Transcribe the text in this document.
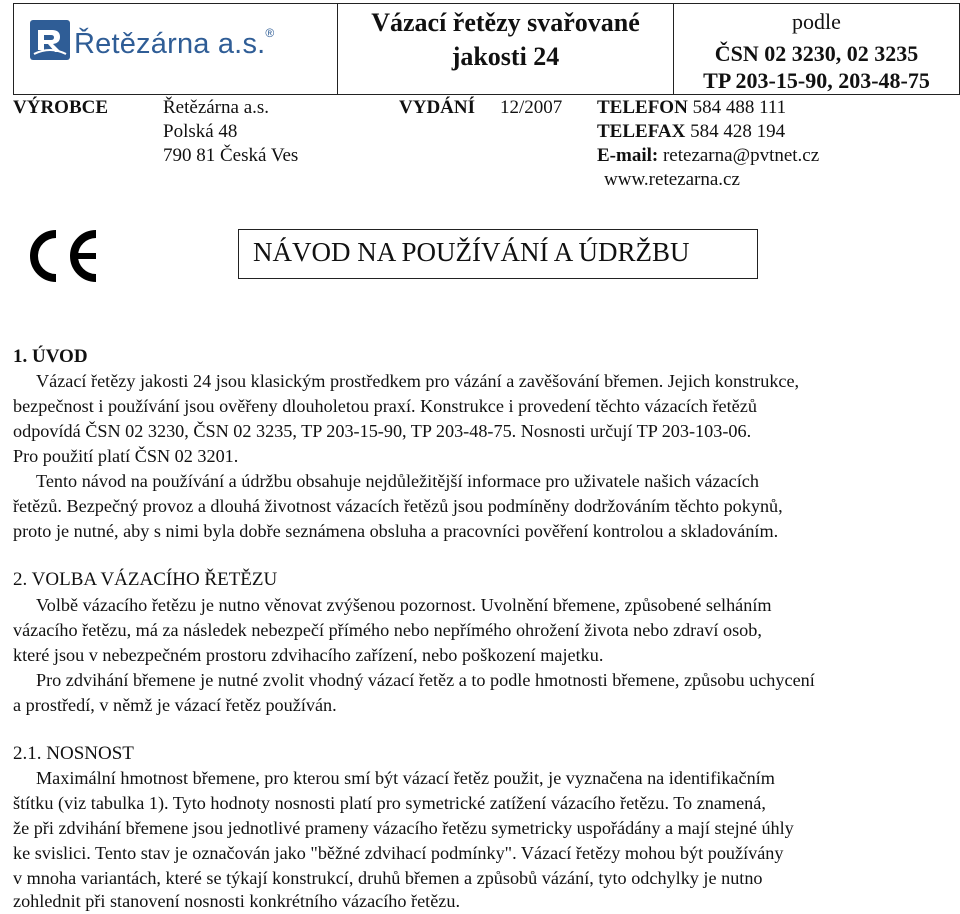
Řetězárna a.s.®	Vázací řetězy svařované
jakosti 24
podle
ČSN 02 3230, 02 3235
TP 203-15-90, 203-48-75
VÝROBCE	Řetězárna a.s.
Polská 48
790 81 Česká Ves
VYDÁNÍ 12/2007 TELEFON 584 488 111
TELEFAX 584 428 194
E-mail: retezarna@pvtnet.cz
www.retezarna.cz
NÁVOD NA POUŽÍVÁNÍ A ÚDRŽBU
1. ÚVOD
Vázací řetězy jakosti 24 jsou klasickým prostředkem pro vázání a zavěšování břemen. Jejich konstrukce,
bezpečnost i používání jsou ověřeny dlouholetou praxí. Konstrukce i provedení těchto vázacích řetězů
odpovídá ČSN 02 3230, ČSN 02 3235, TP 203-15-90, TP 203-48-75. Nosnosti určují TP 203-103-06.
Pro použití platí ČSN 02 3201.
Tento návod na používání a údržbu obsahuje nejdůležitější informace pro uživatele našich vázacích
řetězů. Bezpečný provoz a dlouhá životnost vázacích řetězů jsou podmíněny dodržováním těchto pokynů,
proto je nutné, aby s nimi byla dobře seznámena obsluha a pracovníci pověření kontrolou a skladováním.
2. VOLBA VÁZACÍHO ŘETĚZU
Volbě vázacího řetězu je nutno věnovat zvýšenou pozornost. Uvolnění břemene, způsobené selháním
vázacího řetězu, má za následek nebezpečí přímého nebo nepřímého ohrožení života nebo zdraví osob,
které jsou v nebezpečném prostoru zdvihacího zařízení, nebo poškození majetku.
Pro zdvihání břemene je nutné zvolit vhodný vázací řetěz a to podle hmotnosti břemene, způsobu uchycení
a prostředí, v němž je vázací řetěz používán.
2.1. NOSNOST
Maximální hmotnost břemene, pro kterou smí být vázací řetěz použit, je vyznačena na identifikačním
štítku (viz tabulka 1). Tyto hodnoty nosnosti platí pro symetrické zatížení vázacího řetězu. To znamená,
že při zdvihání břemene jsou jednotlivé prameny vázacího řetězu symetricky uspořádány a mají stejné úhly
ke svislici. Tento stav je označován jako "běžné zdvihací podmínky". Vázací řetězy mohou být používány
v mnoha variantách, které se týkají konstrukcí, druhů břemen a způsobů vázání, tyto odchylky je nutno
zohlednit při stanovení nosnosti konkrétního vázacího řetězu.
